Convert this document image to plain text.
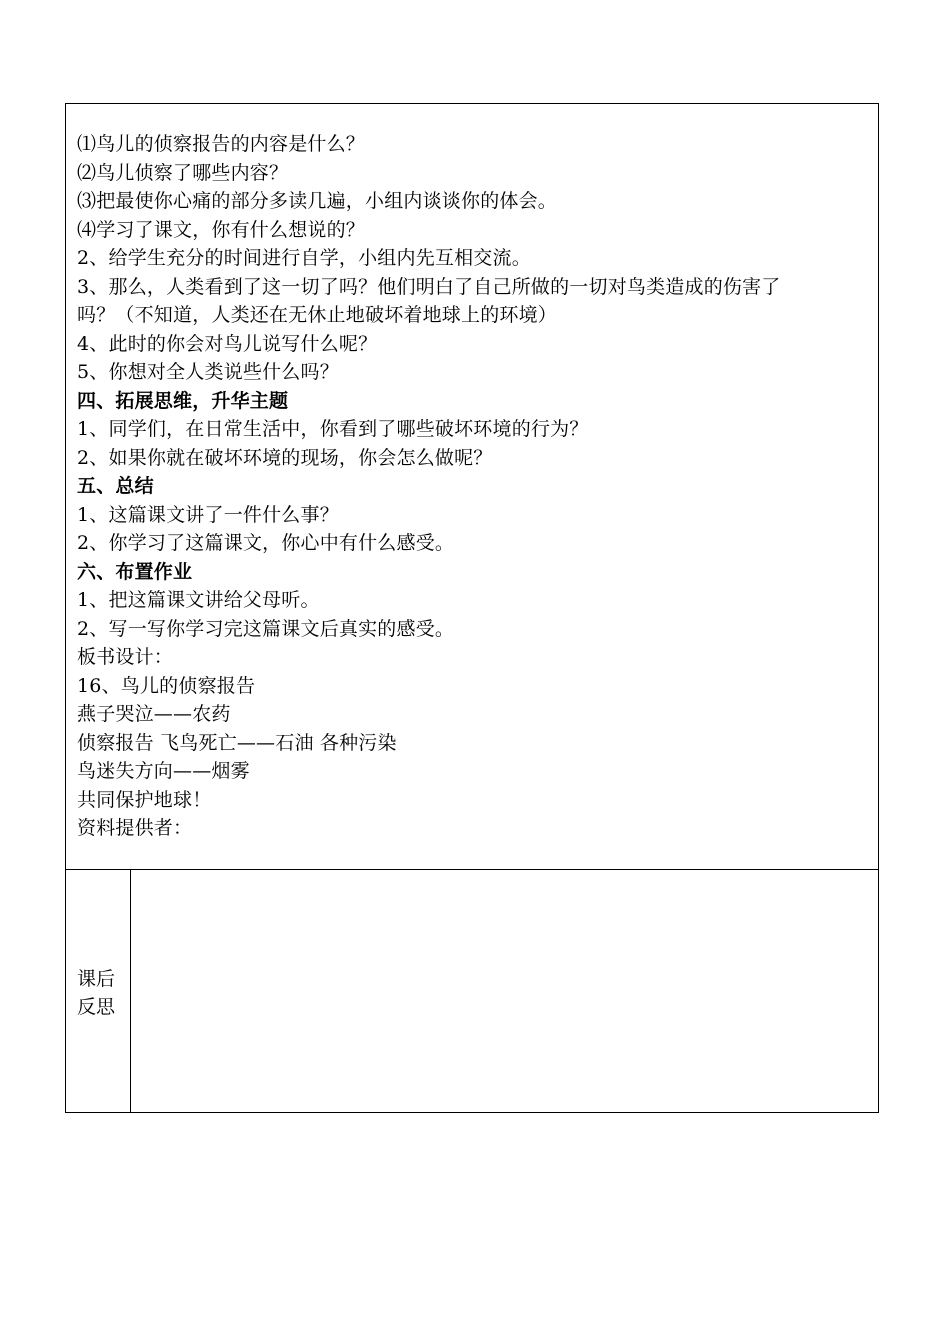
⑴鸟儿的侦察报告的内容是什么？
⑵鸟儿侦察了哪些内容？
⑶把最使你心痛的部分多读几遍，小组内谈谈你的体会。
⑷学习了课文，你有什么想说的？
2、给学生充分的时间进行自学，小组内先互相交流。
3、那么，人类看到了这一切了吗？他们明白了自己所做的一切对鸟类造成的伤害了
吗？（不知道，人类还在无休止地破坏着地球上的环境）
4、此时的你会对鸟儿说写什么呢？
5、你想对全人类说些什么吗？
四、拓展思维，升华主题
1、同学们，在日常生活中，你看到了哪些破坏环境的行为？
2、如果你就在破坏环境的现场，你会怎么做呢？
五、总结
1、这篇课文讲了一件什么事？
2、你学习了这篇课文，你心中有什么感受。
六、布置作业
1、把这篇课文讲给父母听。
2、写一写你学习完这篇课文后真实的感受。
板书设计：
16、鸟儿的侦察报告
燕子哭泣——农药
侦察报告 飞鸟死亡——石油 各种污染
鸟迷失方向——烟雾
共同保护地球！
资料提供者：
课后
反思
